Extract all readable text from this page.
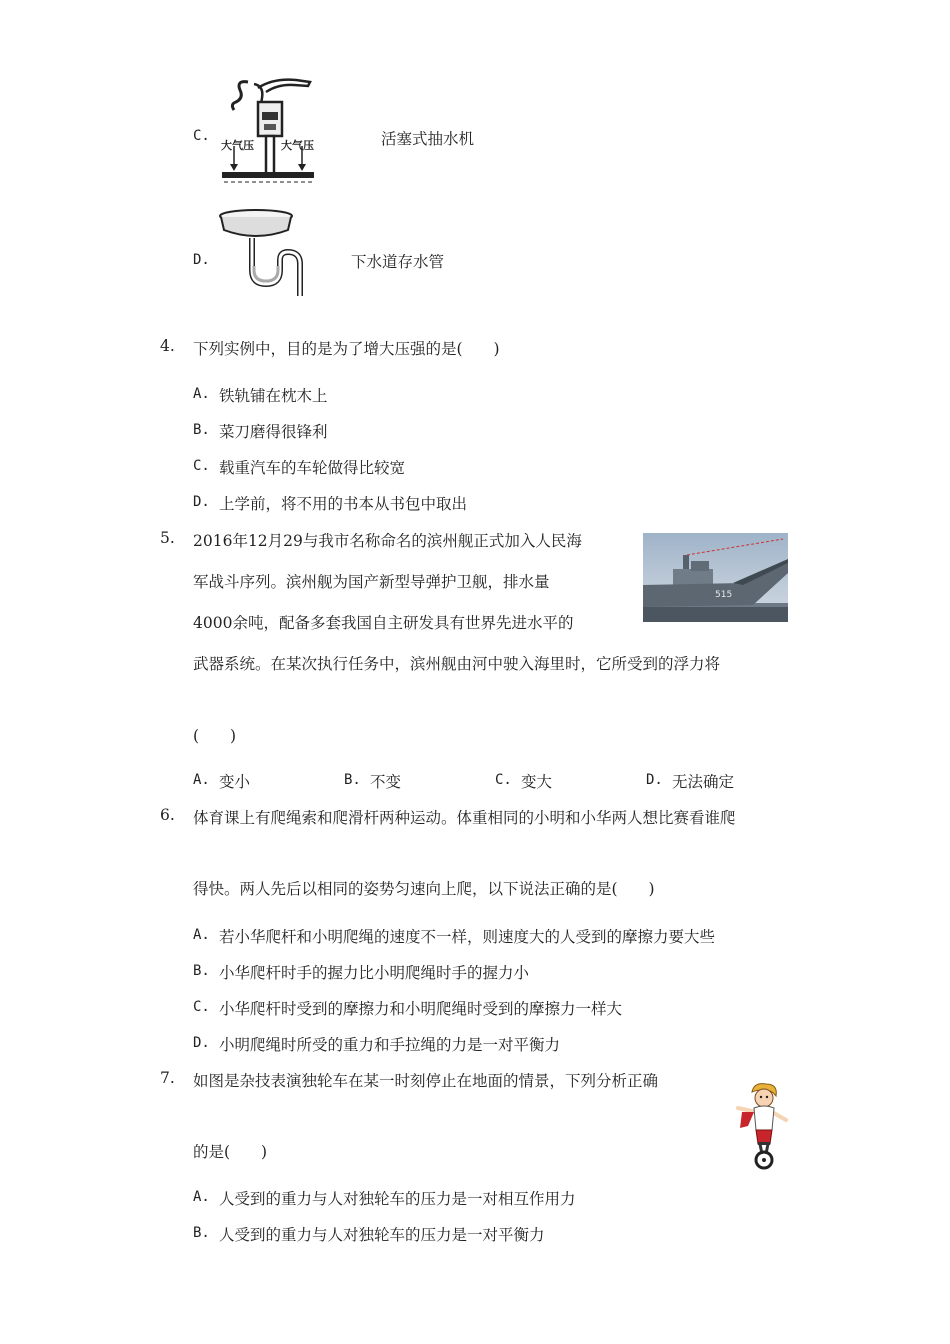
C.
大气压 大气压	活塞式抽水机
D.	下水道存水管
4. 下列实例中，目的是为了增大压强的是(　　)
A. 铁轨铺在枕木上
B. 菜刀磨得很锋利
C. 载重汽车的车轮做得比较宽
D. 上学前，将不用的书本从书包中取出
5. 2016年12月29与我市名称命名的滨州舰正式加入人民海
军战斗序列。滨州舰为国产新型导弹护卫舰，排水量
4000余吨，配备多套我国自主研发具有世界先进水平的
武器系统。在某次执行任务中，滨州舰由河中驶入海里时，它所受到的浮力将
(　　)
515
A. 变小	B. 不变	C. 变大	D. 无法确定
6. 体育课上有爬绳索和爬滑杆两种运动。体重相同的小明和小华两人想比赛看谁爬
得快。两人先后以相同的姿势匀速向上爬，以下说法正确的是(　　)
A. 若小华爬杆和小明爬绳的速度不一样，则速度大的人受到的摩擦力要大些
B. 小华爬杆时手的握力比小明爬绳时手的握力小
C. 小华爬杆时受到的摩擦力和小明爬绳时受到的摩擦力一样大
D. 小明爬绳时所受的重力和手拉绳的力是一对平衡力
7. 如图是杂技表演独轮车在某一时刻停止在地面的情景，下列分析正确
的是(　　)
A. 人受到的重力与人对独轮车的压力是一对相互作用力
B. 人受到的重力与人对独轮车的压力是一对平衡力
